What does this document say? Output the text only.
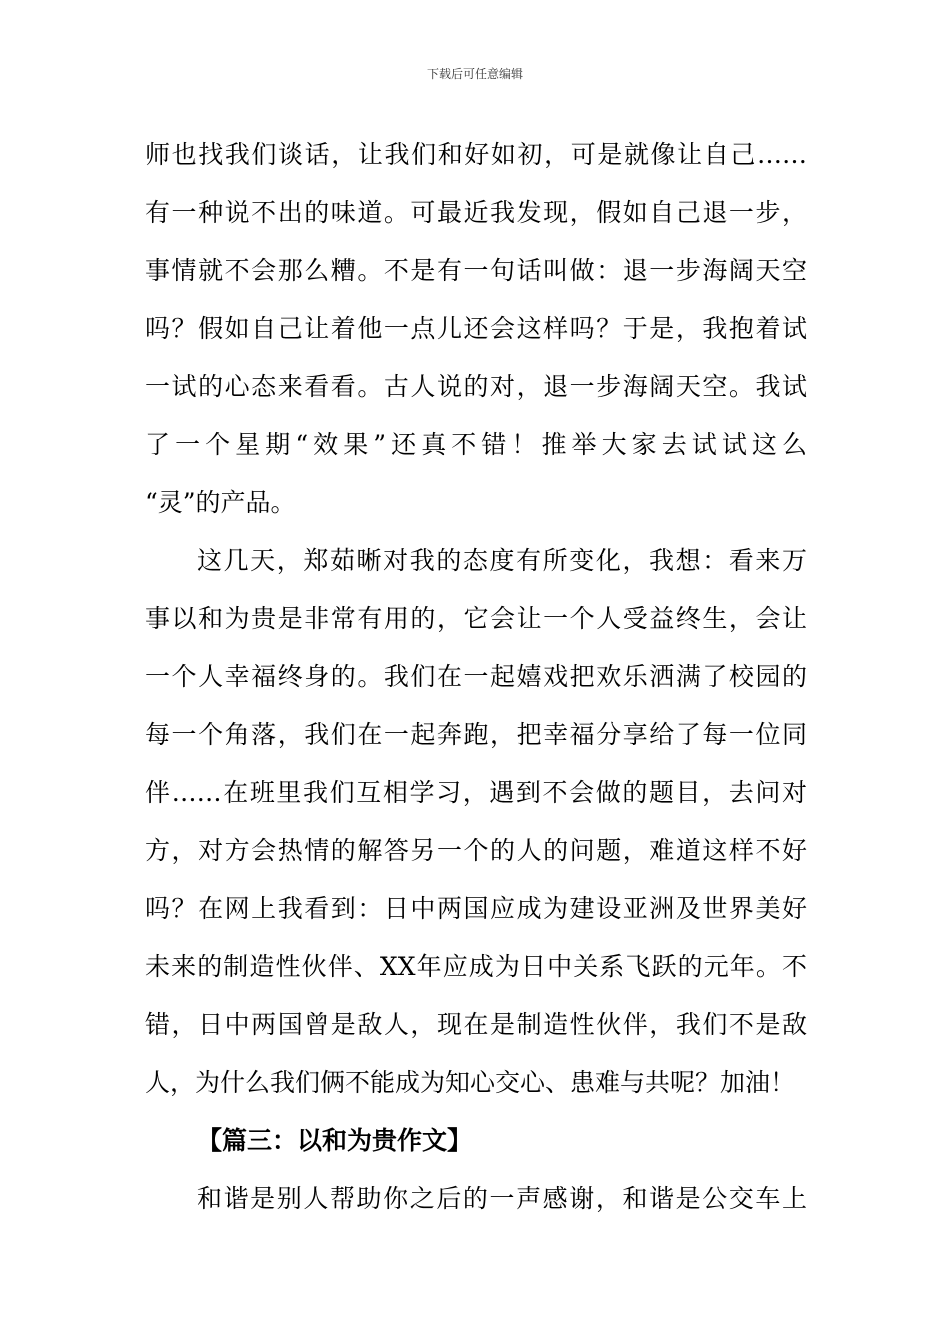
下载后可任意编辑
师也找我们谈话，让我们和好如初，可是就像让自己……
有一种说不出的味道。可最近我发现，假如自己退一步，
事情就不会那么糟。不是有一句话叫做：退一步海阔天空
吗？假如自己让着他一点儿还会这样吗？于是，我抱着试
一试的心态来看看。古人说的对，退一步海阔天空。我试
了一个星期“效果”还真不错！推举大家去试试这么
“灵”的产品。
这几天，郑茹晰对我的态度有所变化，我想：看来万
事以和为贵是非常有用的，它会让一个人受益终生，会让
一个人幸福终身的。我们在一起嬉戏把欢乐洒满了校园的
每一个角落，我们在一起奔跑，把幸福分享给了每一位同
伴……在班里我们互相学习，遇到不会做的题目，去问对
方，对方会热情的解答另一个的人的问题，难道这样不好
吗？在网上我看到：日中两国应成为建设亚洲及世界美好
未来的制造性伙伴、XX年应成为日中关系飞跃的元年。不
错，日中两国曾是敌人，现在是制造性伙伴，我们不是敌
人，为什么我们俩不能成为知心交心、患难与共呢？加油！
【篇三：以和为贵作文】
和谐是别人帮助你之后的一声感谢，和谐是公交车上
